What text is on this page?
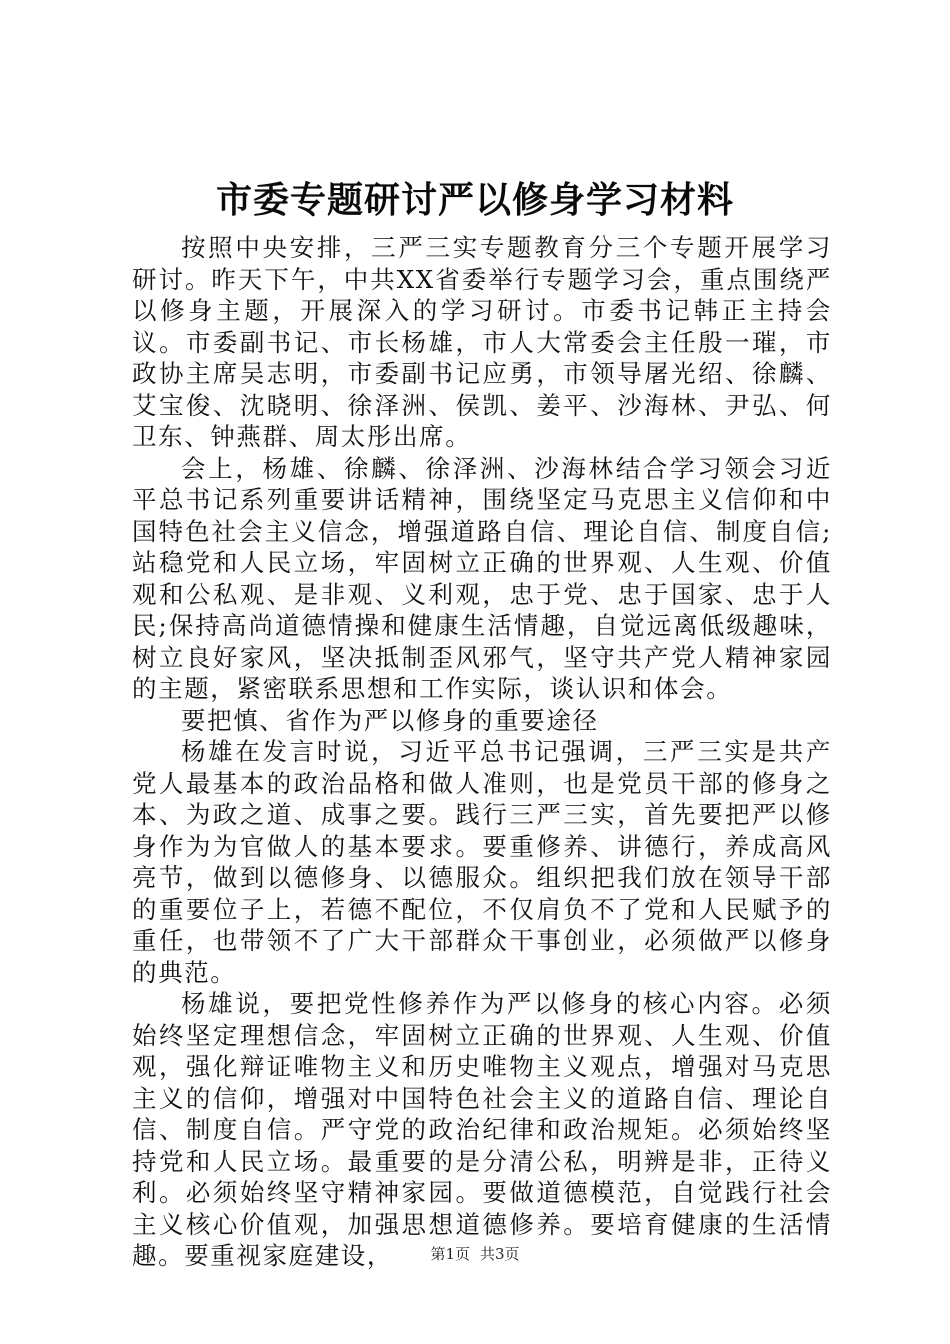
市委专题研讨严以修身学习材料

按照中央安排，三严三实专题教育分三个专题开展学习研讨。昨天下午，中共XX省委举行专题学习会，重点围绕严以修身主题，开展深入的学习研讨。市委书记韩正主持会议。市委副书记、市长杨雄，市人大常委会主任殷一璀，市政协主席吴志明，市委副书记应勇，市领导屠光绍、徐麟、艾宝俊、沈晓明、徐泽洲、侯凯、姜平、沙海林、尹弘、何卫东、钟燕群、周太彤出席。

会上，杨雄、徐麟、徐泽洲、沙海林结合学习领会习近平总书记系列重要讲话精神，围绕坚定马克思主义信仰和中国特色社会主义信念，增强道路自信、理论自信、制度自信;站稳党和人民立场，牢固树立正确的世界观、人生观、价值观和公私观、是非观、义利观，忠于党、忠于国家、忠于人民;保持高尚道德情操和健康生活情趣，自觉远离低级趣味，树立良好家风，坚决抵制歪风邪气，坚守共产党人精神家园的主题，紧密联系思想和工作实际，谈认识和体会。

要把慎、省作为严以修身的重要途径

杨雄在发言时说，习近平总书记强调，三严三实是共产党人最基本的政治品格和做人准则，也是党员干部的修身之本、为政之道、成事之要。践行三严三实，首先要把严以修身作为为官做人的基本要求。要重修养、讲德行，养成高风亮节，做到以德修身、以德服众。组织把我们放在领导干部的重要位子上，若德不配位，不仅肩负不了党和人民赋予的重任，也带领不了广大干部群众干事创业，必须做严以修身的典范。

杨雄说，要把党性修养作为严以修身的核心内容。必须始终坚定理想信念，牢固树立正确的世界观、人生观、价值观，强化辩证唯物主义和历史唯物主义观点，增强对马克思主义的信仰，增强对中国特色社会主义的道路自信、理论自信、制度自信。严守党的政治纪律和政治规矩。必须始终坚持党和人民立场。最重要的是分清公私，明辨是非，正待义利。必须始终坚守精神家园。要做道德模范，自觉践行社会主义核心价值观，加强思想道德修养。要培育健康的生活情趣。要重视家庭建设，	第1页 共3页
